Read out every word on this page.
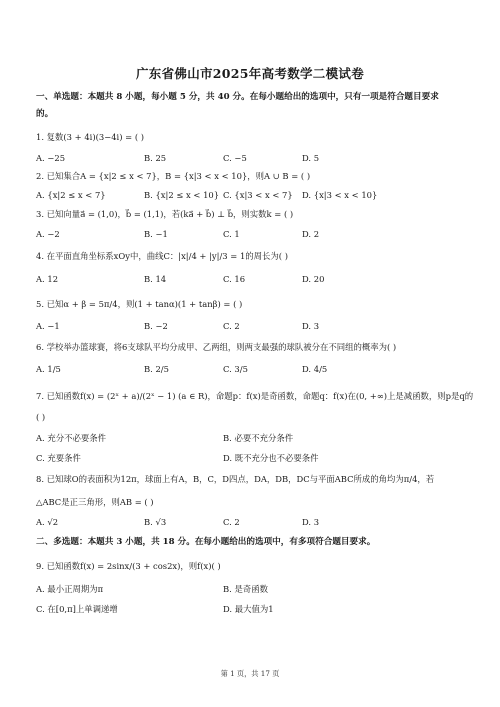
广东省佛山市2025年高考数学二模试卷
一、单选题：本题共 8 小题，每小题 5 分，共 40 分。在每小题给出的选项中，只有一项是符合题目要求
的。
1. 复数(3 + 4i)(3−4i) = ( )
A. −25	B. 25	C. −5	D. 5
2. 已知集合A = {x|2 ≤ x < 7}，B = {x|3 < x < 10}，则A ∪ B = ( )
A. {x|2 ≤ x < 7}	B. {x|2 ≤ x < 10} C. {x|3 < x < 7} D. {x|3 < x < 10}
3. 已知向量a⃗ = (1,0)，b⃗ = (1,1)，若(ka⃗ + b⃗) ⊥ b⃗，则实数k = ( )
A. −2	B. −1	C. 1	D. 2
4. 在平面直角坐标系xOy中，曲线C：|x|/4 + |y|/3 = 1的周长为( )
A. 12	B. 14	C. 16	D. 20
5. 已知α + β = 5π/4，则(1 + tanα)(1 + tanβ) = ( )
A. −1	B. −2	C. 2	D. 3
6. 学校举办篮球赛，将6支球队平均分成甲、乙两组，则两支最强的球队被分在不同组的概率为( )
A. 1/5	B. 2/5	C. 3/5	D. 4/5
7. 已知函数f(x) = (2ˣ + a)/(2ˣ − 1) (a ∈ R)，命题p：f(x)是奇函数，命题q：f(x)在(0, +∞)上是减函数，则p是q的
( )
A. 充分不必要条件	B. 必要不充分条件
C. 充要条件	D. 既不充分也不必要条件
8. 已知球O的表面积为12π，球面上有A，B，C，D四点，DA，DB，DC与平面ABC所成的角均为π/4，若
△ABC是正三角形，则AB = ( )
A. √2	B. √3	C. 2	D. 3
二、多选题：本题共 3 小题，共 18 分。在每小题给出的选项中，有多项符合题目要求。
9. 已知函数f(x) = 2sinx/(3 + cos2x)，则f(x)( )
A. 最小正周期为π	B. 是奇函数
C. 在[0,π]上单调递增	D. 最大值为1
第 1 页，共 17 页
